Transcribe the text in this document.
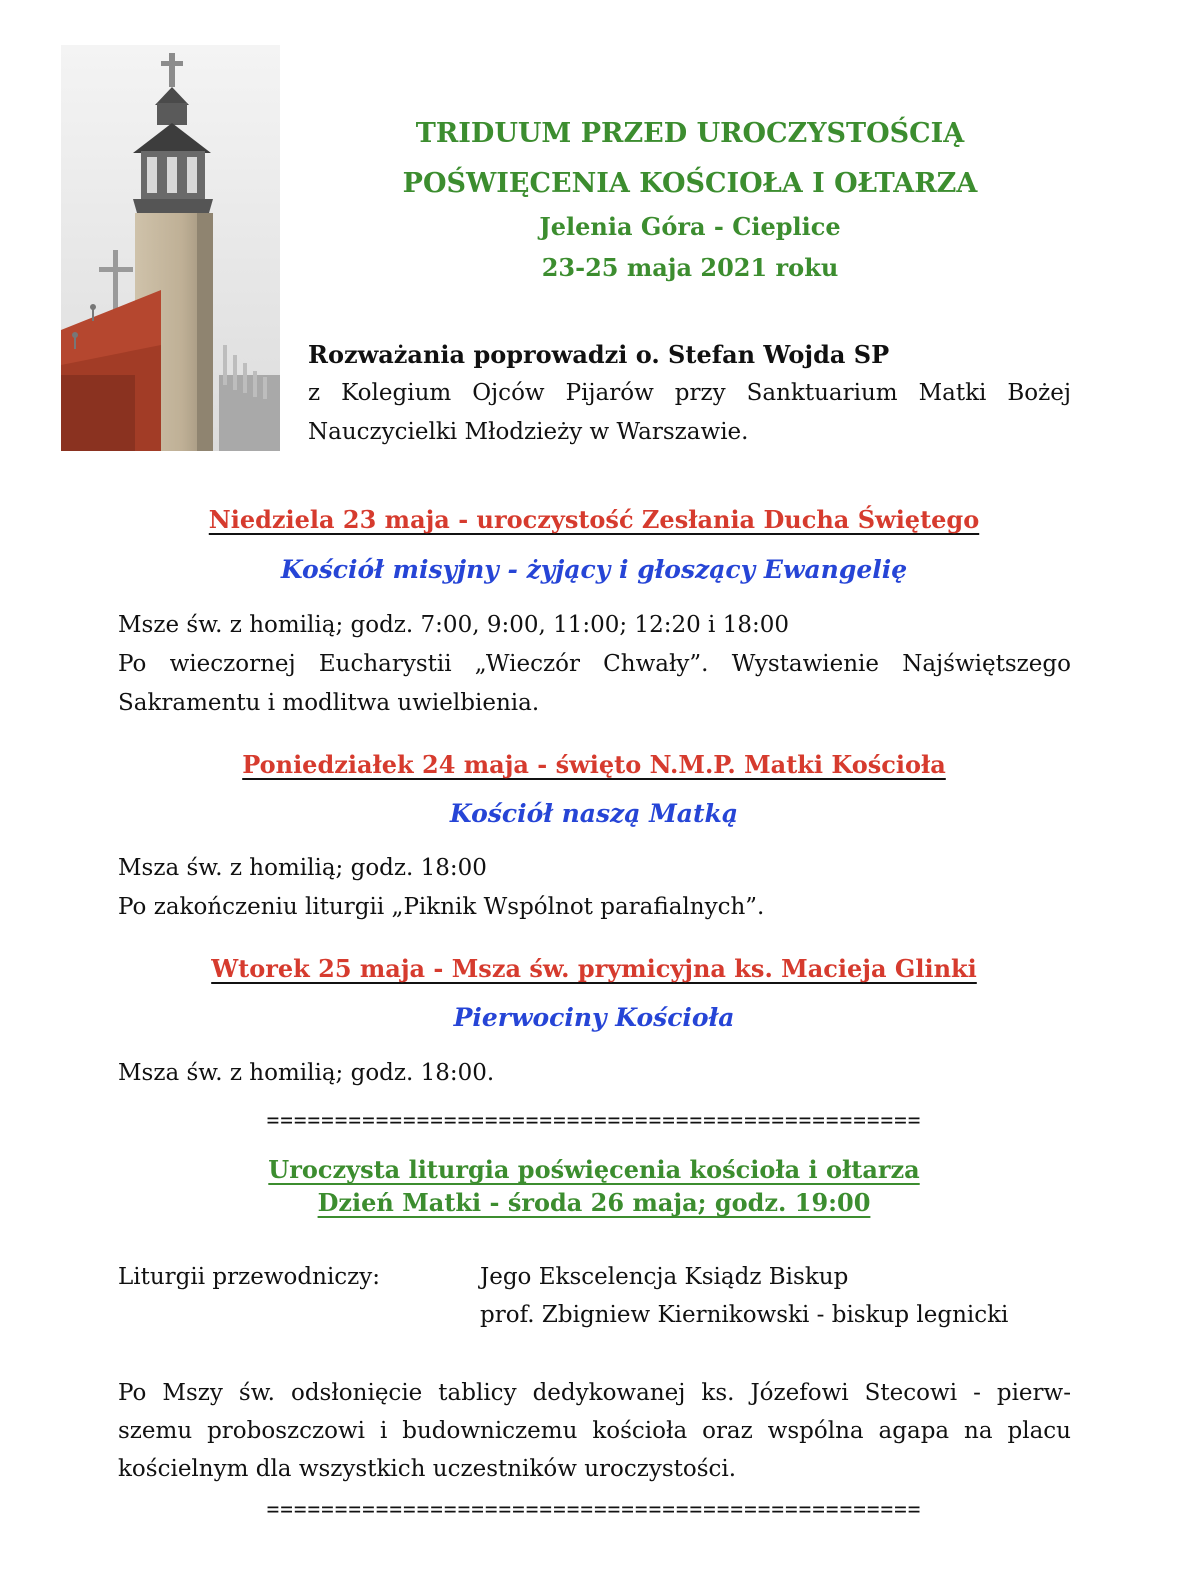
TRIDUUM PRZED UROCZYSTOŚCIĄ
POŚWIĘCENIA KOŚCIOŁA I OŁTARZA
Jelenia Góra - Cieplice
23-25 maja 2021 roku
Rozważania poprowadzi o. Stefan Wojda SP
z Kolegium Ojców Pijarów przy Sanktuarium Matki Bożej
Nauczycielki Młodzieży w Warszawie.
Niedziela 23 maja - uroczystość Zesłania Ducha Świętego
Kościół misyjny - żyjący i głoszący Ewangelię
Msze św. z homilią; godz. 7:00, 9:00, 11:00; 12:20 i 18:00
Po wieczornej Eucharystii „Wieczór Chwały”. Wystawienie Najświętszego
Sakramentu i modlitwa uwielbienia.
Poniedziałek 24 maja - święto N.M.P. Matki Kościoła
Kościół naszą Matką
Msza św. z homilią; godz. 18:00
Po zakończeniu liturgii „Piknik Wspólnot parafialnych”.
Wtorek 25 maja - Msza św. prymicyjna ks. Macieja Glinki
Pierwociny Kościoła
Msza św. z homilią; godz. 18:00.
================================================
Uroczysta liturgia poświęcenia kościoła i ołtarza
Dzień Matki - środa 26 maja; godz. 19:00
Liturgii przewodniczy:	Jego Ekscelencja Ksiądz Biskup
prof. Zbigniew Kiernikowski - biskup legnicki
Po Mszy św. odsłonięcie tablicy dedykowanej ks. Józefowi Stecowi - pierw-
szemu proboszczowi i budowniczemu kościoła oraz wspólna agapa na placu
kościelnym dla wszystkich uczestników uroczystości.
================================================
